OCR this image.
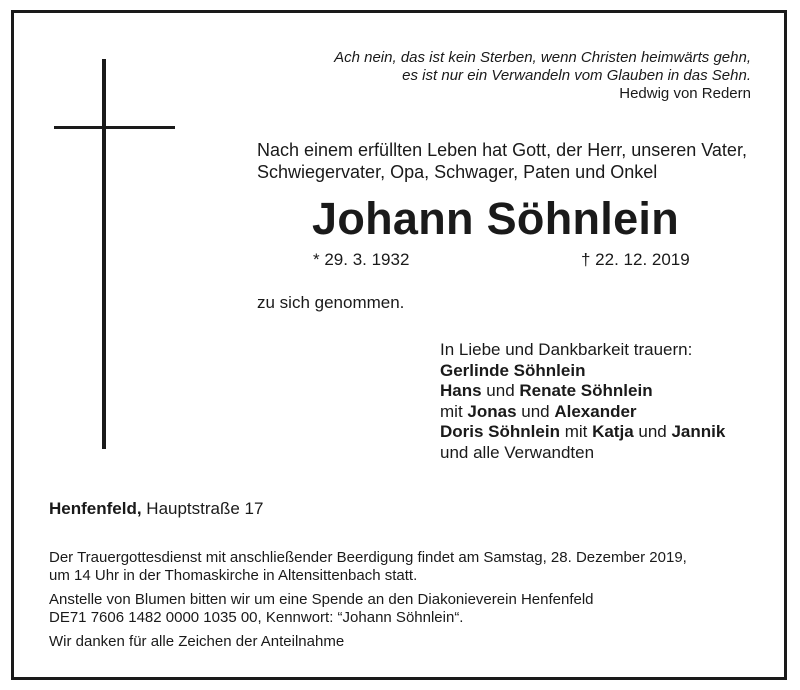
Ach nein, das ist kein Sterben, wenn Christen heimwärts gehn,
es ist nur ein Verwandeln vom Glauben in das Sehn.
Hedwig von Redern
Nach einem erfüllten Leben hat Gott, der Herr, unseren Vater,
Schwiegervater, Opa, Schwager, Paten und Onkel
Johann Söhnlein
* 29. 3. 1932	† 22. 12. 2019
zu sich genommen.
In Liebe und Dankbarkeit trauern:
Gerlinde Söhnlein
Hans und Renate Söhnlein
mit Jonas und Alexander
Doris Söhnlein mit Katja und Jannik
und alle Verwandten
Henfenfeld, Hauptstraße 17
Der Trauergottesdienst mit anschließender Beerdigung findet am Samstag, 28. Dezember 2019,
um 14 Uhr in der Thomaskirche in Altensittenbach statt.
Anstelle von Blumen bitten wir um eine Spende an den Diakonieverein Henfenfeld
DE71 7606 1482 0000 1035 00, Kennwort: “Johann Söhnlein“.
Wir danken für alle Zeichen der Anteilnahme
